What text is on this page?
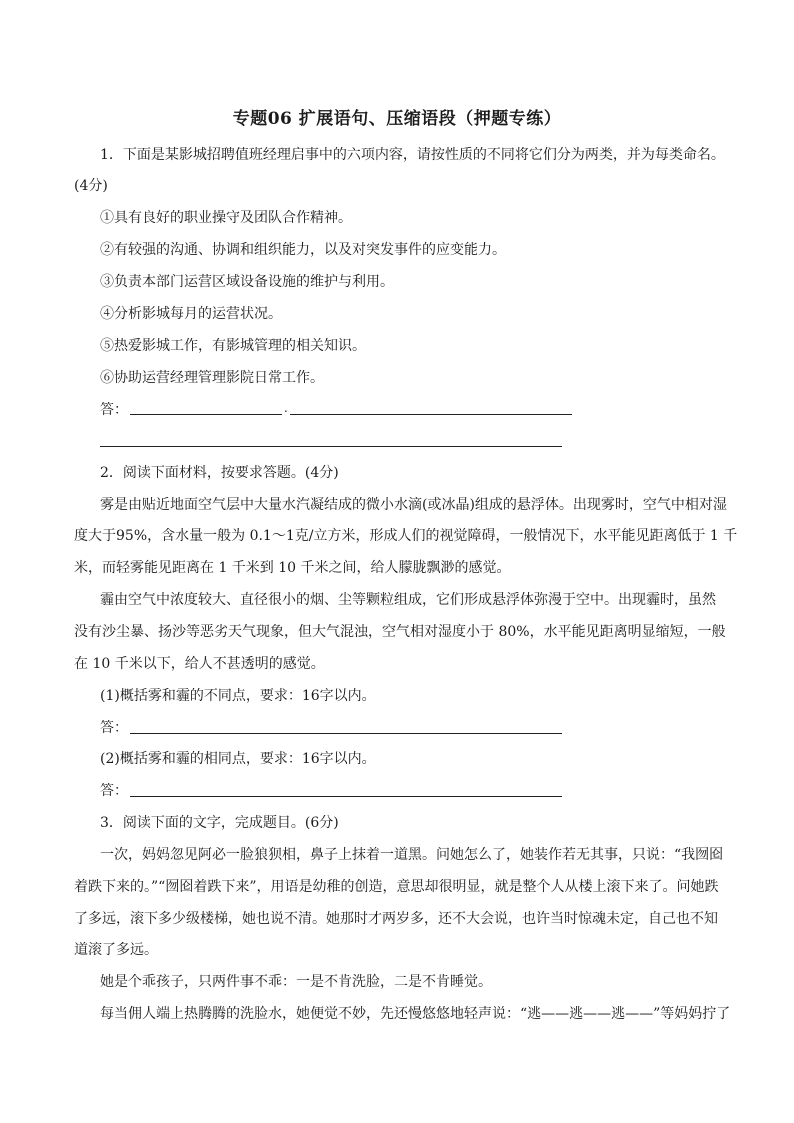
专题06 扩展语句、压缩语段（押题专练）
1．下面是某影城招聘值班经理启事中的六项内容，请按性质的不同将它们分为两类，并为每类命名。
(4分)
①具有良好的职业操守及团队合作精神。
②有较强的沟通、协调和组织能力，以及对突发事件的应变能力。
③负责本部门运营区域设备设施的维护与利用。
④分析影城每月的运营状况。
⑤热爱影城工作，有影城管理的相关知识。
⑥协助运营经理管理影院日常工作。
答：	.
2．阅读下面材料，按要求答题。(4分)
雾是由贴近地面空气层中大量水汽凝结成的微小水滴(或冰晶)组成的悬浮体。出现雾时，空气中相对湿
度大于95%，含水量一般为 0.1～1克/立方米，形成人们的视觉障碍，一般情况下，水平能见距离低于 1 千
米，而轻雾能见距离在 1 千米到 10 千米之间，给人朦胧飘渺的感觉。
霾由空气中浓度较大、直径很小的烟、尘等颗粒组成，它们形成悬浮体弥漫于空中。出现霾时，虽然
没有沙尘暴、扬沙等恶劣天气现象，但大气混浊，空气相对湿度小于 80%，水平能见距离明显缩短，一般
在 10 千米以下，给人不甚透明的感觉。
(1)概括雾和霾的不同点，要求：16字以内。
答：
(2)概括雾和霾的相同点，要求：16字以内。
答：
3．阅读下面的文字，完成题目。(6分)
一次，妈妈忽见阿必一脸狼狈相，鼻子上抹着一道黑。问她怎么了，她装作若无其事，只说：“我囫囵
着跌下来的。”“囫囵着跌下来”，用语是幼稚的创造，意思却很明显，就是整个人从楼上滚下来了。问她跌
了多远，滚下多少级楼梯，她也说不清。她那时才两岁多，还不大会说，也许当时惊魂未定，自己也不知
道滚了多远。
她是个乖孩子，只两件事不乖：一是不肯洗脸，二是不肯睡觉。
每当佣人端上热腾腾的洗脸水，她便觉不妙，先还慢悠悠地轻声说：“逃——逃——逃——”等妈妈拧了
